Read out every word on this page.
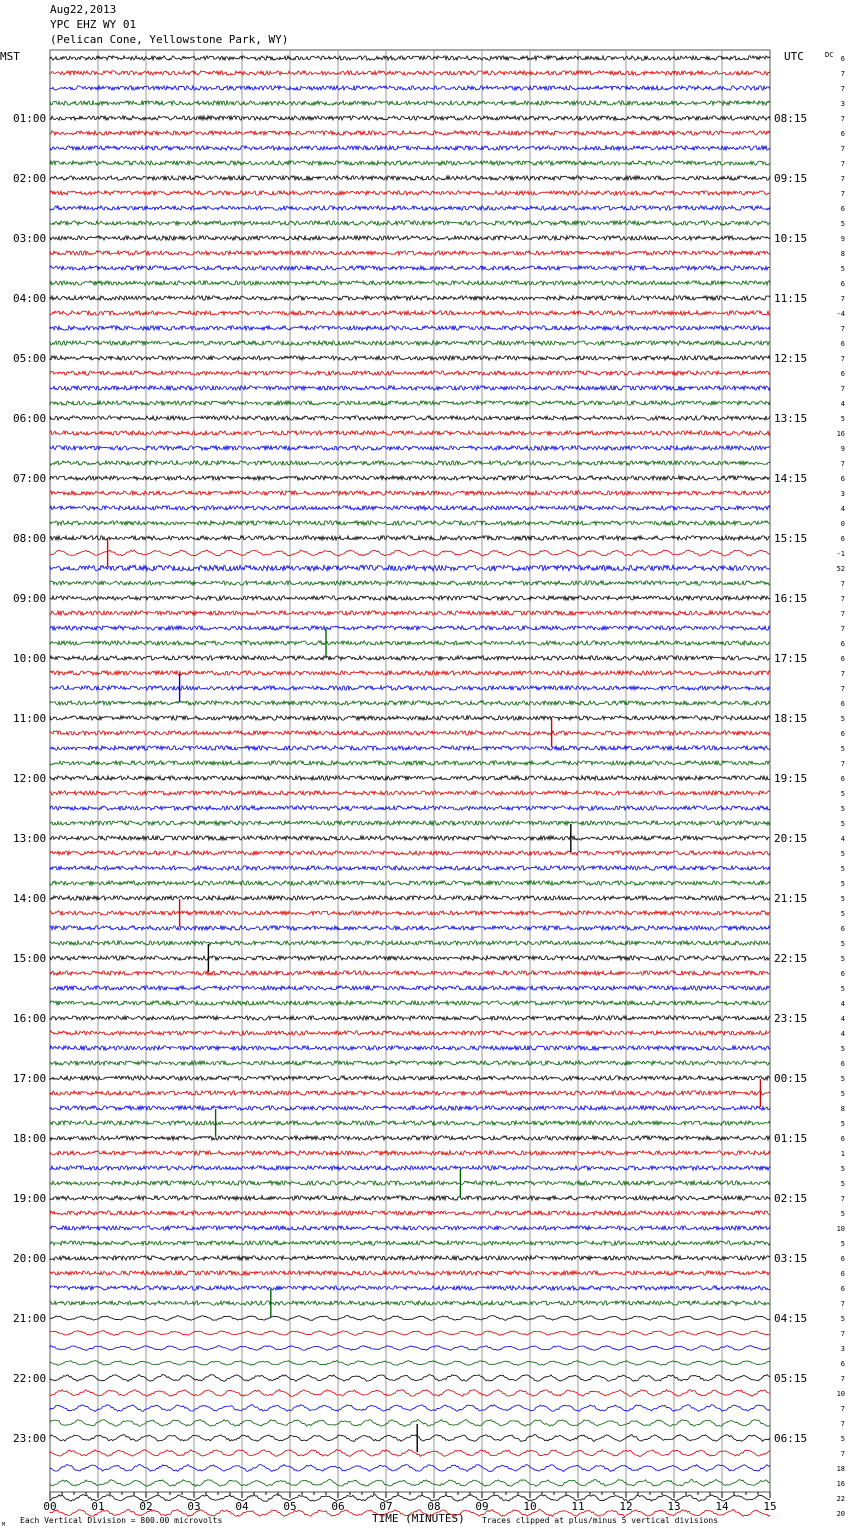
Aug22,2013
YPC EHZ WY 01
(Pelican Cone, Yellowstone Park, WY)
MST	UTC	DC
TIME (MINUTES)
Each Vertical Division = 800.00 microvolts	Traces clipped at plus/minus 5 vertical divisions
M
00	01	02	03	04	05	06	07	08	09	10	11	12	13	14	15
01:00
02:00
03:00
04:00
05:00
06:00
07:00
08:00
09:00
10:00
11:00
12:00
13:00
14:00
15:00
16:00
17:00
18:00
19:00
20:00
21:00
22:00
23:00
08:15
09:15
10:15
11:15
12:15
13:15
14:15
15:15
16:15
17:15
18:15
19:15
20:15
21:15
22:15
23:15
00:15
01:15
02:15
03:15
04:15
05:15
06:15
6
7
7
3
7
6
7
7
7
7
6
5
9
8
5
6
7
-4
7
6
7
6
7
4
5
16
9
7
6
3
4
0
6
-1
52
7
7
7
7
6
6
7
7
6
5
6
5
7
6
5
5
5
4
5
5
5
5
5
6
5
5
6
5
4
4
4
5
6
5
5
8
5
6
1
5
5
7
5
10
5
6
6
6
7
5
7
3
6
7
10
7
7
5
7
18
16
22
20
